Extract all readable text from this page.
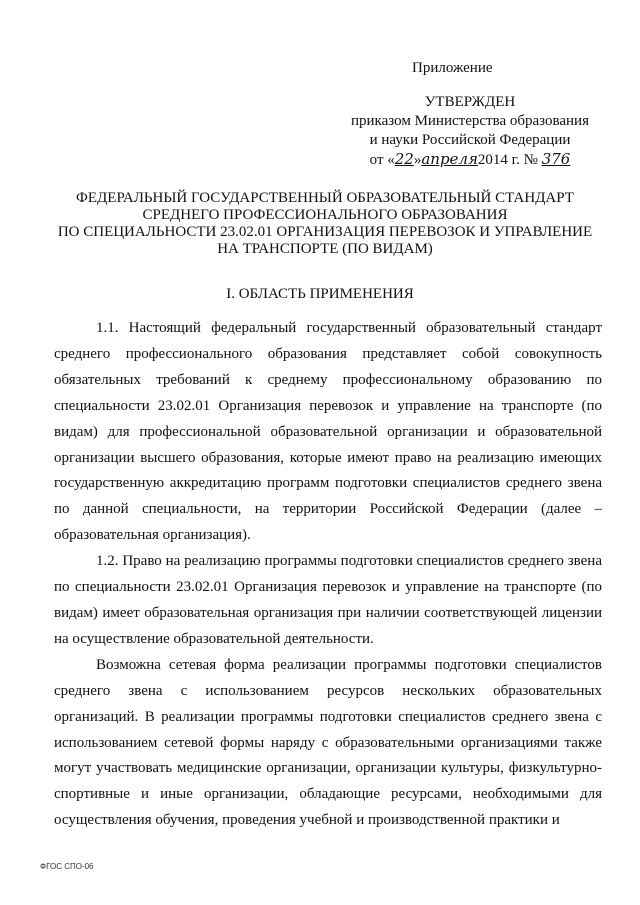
Приложение
УТВЕРЖДЕН
приказом Министерства образования
и науки Российской Федерации
от «22»апреля2014 г. № 376
ФЕДЕРАЛЬНЫЙ ГОСУДАРСТВЕННЫЙ ОБРАЗОВАТЕЛЬНЫЙ СТАНДАРТ
СРЕДНЕГО ПРОФЕССИОНАЛЬНОГО ОБРАЗОВАНИЯ
ПО СПЕЦИАЛЬНОСТИ 23.02.01 ОРГАНИЗАЦИЯ ПЕРЕВОЗОК И УПРАВЛЕНИЕ
НА ТРАНСПОРТЕ (ПО ВИДАМ)
I. ОБЛАСТЬ ПРИМЕНЕНИЯ

1.1. Настоящий федеральный государственный образовательный стандарт среднего профессионального образования представляет собой совокупность обязательных требований к среднему профессиональному образованию по специальности 23.02.01 Организация перевозок и управление на транспорте (по видам) для профессиональной образовательной организации и образовательной организации высшего образования, которые имеют право на реализацию имеющих государственную аккредитацию программ подготовки специалистов среднего звена по данной специальности, на территории Российской Федерации (далее – образовательная организация).

1.2. Право на реализацию программы подготовки специалистов среднего звена по специальности 23.02.01 Организация перевозок и управление на транспорте (по видам) имеет образовательная организация при наличии соответствующей лицензии на осуществление образовательной деятельности.

Возможна сетевая форма реализации программы подготовки специалистов среднего звена с использованием ресурсов нескольких образовательных организаций. В реализации программы подготовки специалистов среднего звена с использованием сетевой формы наряду с образовательными организациями также могут участвовать медицинские организации, организации культуры, физкультурно-спортивные и иные организации, обладающие ресурсами, необходимыми для осуществления обучения, проведения учебной и производственной практики и

ФГОС СПО-06
